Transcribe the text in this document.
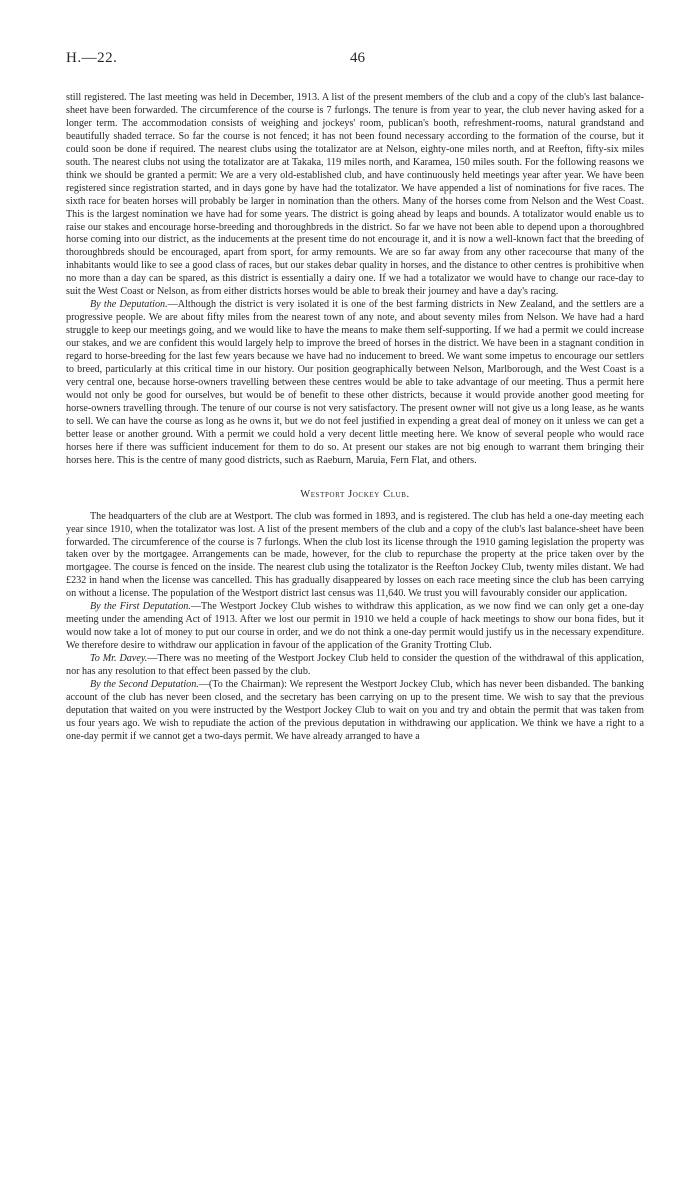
H.—22.	46

still registered. The last meeting was held in December, 1913. A list of the present members of the club and a copy of the club's last balance-sheet have been forwarded. The circumference of the course is 7 furlongs. The tenure is from year to year, the club never having asked for a longer term. The accommodation consists of weighing and jockeys' room, publican's booth, refreshment-rooms, natural grandstand and beautifully shaded terrace. So far the course is not fenced; it has not been found necessary according to the formation of the course, but it could soon be done if required. The nearest clubs using the totalizator are at Nelson, eighty-one miles north, and at Reefton, fifty-six miles south. The nearest clubs not using the totalizator are at Takaka, 119 miles north, and Karamea, 150 miles south. For the following reasons we think we should be granted a permit: We are a very old-established club, and have continuously held meetings year after year. We have been registered since registration started, and in days gone by have had the totalizator. We have appended a list of nominations for five races. The sixth race for beaten horses will probably be larger in nomination than the others. Many of the horses come from Nelson and the West Coast. This is the largest nomination we have had for some years. The district is going ahead by leaps and bounds. A totalizator would enable us to raise our stakes and encourage horse-breeding and thoroughbreds in the district. So far we have not been able to depend upon a thoroughbred horse coming into our district, as the inducements at the present time do not encourage it, and it is now a well-known fact that the breeding of thoroughbreds should be encouraged, apart from sport, for army remounts. We are so far away from any other racecourse that many of the inhabitants would like to see a good class of races, but our stakes debar quality in horses, and the distance to other centres is prohibitive when no more than a day can be spared, as this district is essentially a dairy one. If we had a totalizator we would have to change our race-day to suit the West Coast or Nelson, as from either districts horses would be able to break their journey and have a day's racing.

By the Deputation.—Although the district is very isolated it is one of the best farming districts in New Zealand, and the settlers are a progressive people. We are about fifty miles from the nearest town of any note, and about seventy miles from Nelson. We have had a hard struggle to keep our meetings going, and we would like to have the means to make them self-supporting. If we had a permit we could increase our stakes, and we are confident this would largely help to improve the breed of horses in the district. We have been in a stagnant condition in regard to horse-breeding for the last few years because we have had no inducement to breed. We want some impetus to encourage our settlers to breed, particularly at this critical time in our history. Our position geographically between Nelson, Marlborough, and the West Coast is a very central one, because horse-owners travelling between these centres would be able to take advantage of our meeting. Thus a permit here would not only be good for ourselves, but would be of benefit to these other districts, because it would provide another good meeting for horse-owners travelling through. The tenure of our course is not very satisfactory. The present owner will not give us a long lease, as he wants to sell. We can have the course as long as he owns it, but we do not feel justified in expending a great deal of money on it unless we can get a better lease or another ground. With a permit we could hold a very decent little meeting here. We know of several people who would race horses here if there was sufficient inducement for them to do so. At present our stakes are not big enough to warrant them bringing their horses here. This is the centre of many good districts, such as Raeburn, Maruia, Fern Flat, and others.

Westport Jockey Club.

The headquarters of the club are at Westport. The club was formed in 1893, and is registered. The club has held a one-day meeting each year since 1910, when the totalizator was lost. A list of the present members of the club and a copy of the club's last balance-sheet have been forwarded. The circumference of the course is 7 furlongs. When the club lost its license through the 1910 gaming legislation the property was taken over by the mortgagee. Arrangements can be made, however, for the club to repurchase the property at the price taken over by the mortgagee. The course is fenced on the inside. The nearest club using the totalizator is the Reefton Jockey Club, twenty miles distant. We had £232 in hand when the license was cancelled. This has gradually disappeared by losses on each race meeting since the club has been carrying on without a license. The population of the Westport district last census was 11,640. We trust you will favourably consider our application.

By the First Deputation.—The Westport Jockey Club wishes to withdraw this application, as we now find we can only get a one-day meeting under the amending Act of 1913. After we lost our permit in 1910 we held a couple of hack meetings to show our bona fides, but it would now take a lot of money to put our course in order, and we do not think a one-day permit would justify us in the necessary expenditure. We therefore desire to withdraw our application in favour of the application of the Granity Trotting Club.

To Mr. Davey.—There was no meeting of the Westport Jockey Club held to consider the question of the withdrawal of this application, nor has any resolution to that effect been passed by the club.

By the Second Deputation.—(To the Chairman): We represent the Westport Jockey Club, which has never been disbanded. The banking account of the club has never been closed, and the secretary has been carrying on up to the present time. We wish to say that the previous deputation that waited on you were instructed by the Westport Jockey Club to wait on you and try and obtain the permit that was taken from us four years ago. We wish to repudiate the action of the previous deputation in withdrawing our application. We think we have a right to a one-day permit if we cannot get a two-days permit. We have already arranged to have a
